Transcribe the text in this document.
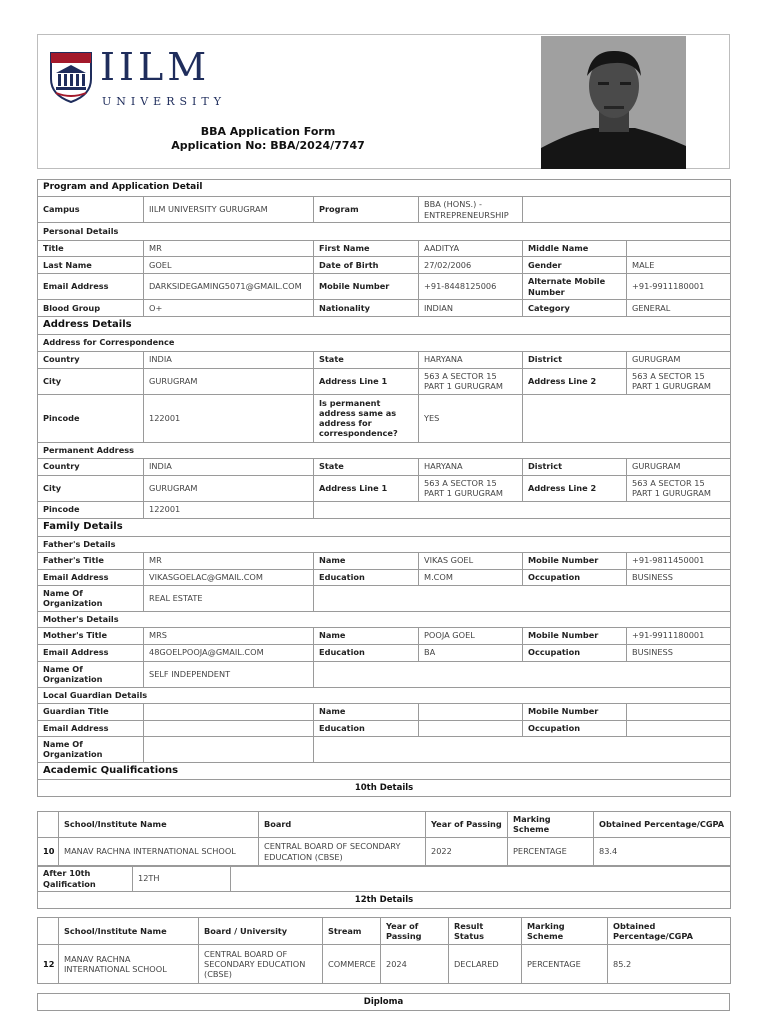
IILM
UNIVERSITY
BBA Application Form
Application No: BBA/2024/7747
Program and Application Detail					
Campus	IILM UNIVERSITY GURUGRAM	Program	BBA (HONS.) - ENTREPRENEURSHIP		
Personal Details					
Title	MR	First Name	AADITYA	Middle Name	
Last Name	GOEL	Date of Birth	27/02/2006	Gender	MALE
Email Address	DARKSIDEGAMING5071@GMAIL.COM	Mobile Number	+91-8448125006	Alternate Mobile Number	+91-9911180001
Blood Group	O+	Nationality	INDIAN	Category	GENERAL
Address Details					
Address for Correspondence					
Country	INDIA	State	HARYANA	District	GURUGRAM
City	GURUGRAM	Address Line 1	563 A SECTOR 15 PART 1 GURUGRAM	Address Line 2	563 A SECTOR 15 PART 1 GURUGRAM
Pincode	122001	Is permanent address same as address for correspondence?	YES		
Permanent Address					
Country	INDIA	State	HARYANA	District	GURUGRAM
City	GURUGRAM	Address Line 1	563 A SECTOR 15 PART 1 GURUGRAM	Address Line 2	563 A SECTOR 15 PART 1 GURUGRAM
Pincode	122001				
Family Details					
Father's Details					
Father's Title	MR	Name	VIKAS GOEL	Mobile Number	+91-9811450001
Email Address	VIKASGOELAC@GMAIL.COM	Education	M.COM	Occupation	BUSINESS
Name Of Organization	REAL ESTATE				
Mother's Details					
Mother's Title	MRS	Name	POOJA GOEL	Mobile Number	+91-9911180001
Email Address	48GOELPOOJA@GMAIL.COM	Education	BA	Occupation	BUSINESS
Name Of Organization	SELF INDEPENDENT				
Local Guardian Details					
Guardian Title		Name		Mobile Number	
Email Address		Education		Occupation	
Name Of Organization					
Academic Qualifications					
10th Details					
	School/Institute Name	Board	Year of Passing	Marking Scheme	Obtained Percentage/CGPA
10	MANAV RACHNA INTERNATIONAL SCHOOL	CENTRAL BOARD OF SECONDARY EDUCATION (CBSE)	2022	PERCENTAGE	83.4
After 10th Qalification	12TH	
12th Details
	School/Institute Name	Board / University	Stream	Year of Passing	Result Status	Marking Scheme	Obtained Percentage/CGPA
12	MANAV RACHNA INTERNATIONAL SCHOOL	CENTRAL BOARD OF SECONDARY EDUCATION (CBSE)	COMMERCE	2024	DECLARED	PERCENTAGE	85.2
Diploma
